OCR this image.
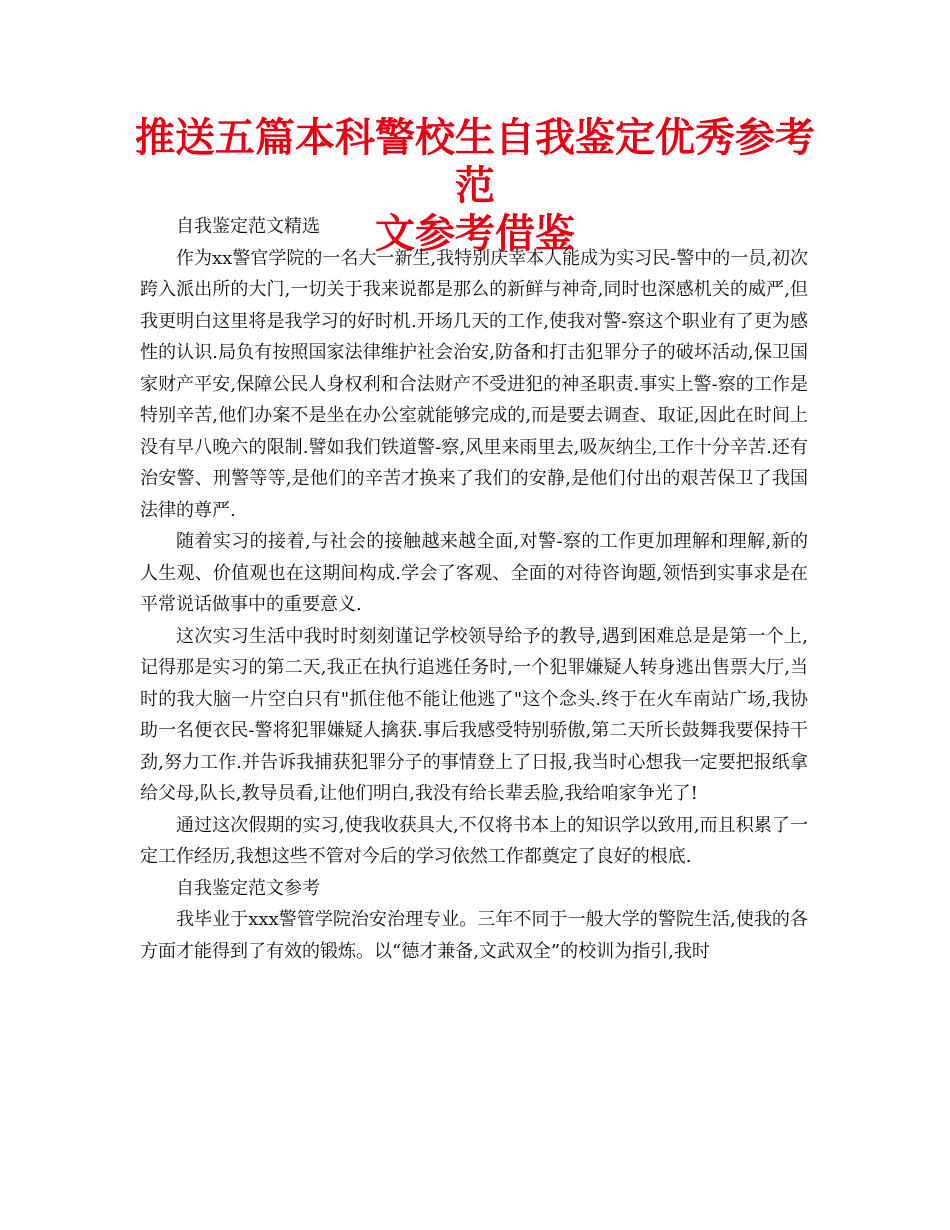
推送五篇本科警校生自我鉴定优秀参考范
文参考借鉴

自我鉴定范文精选

作为xx警官学院的一名大一新生,我特别庆幸本人能成为实习民-警中的一员,初次跨入派出所的大门,一切关于我来说都是那么的新鲜与神奇,同时也深感机关的威严,但我更明白这里将是我学习的好时机.开场几天的工作,使我对警-察这个职业有了更为感性的认识.局负有按照国家法律维护社会治安,防备和打击犯罪分子的破坏活动,保卫国家财产平安,保障公民人身权利和合法财产不受进犯的神圣职责.事实上警-察的工作是特别辛苦,他们办案不是坐在办公室就能够完成的,而是要去调查、取证,因此在时间上没有早八晚六的限制.譬如我们铁道警-察,风里来雨里去,吸灰纳尘,工作十分辛苦.还有治安警、刑警等等,是他们的辛苦才换来了我们的安静,是他们付出的艰苦保卫了我国法律的尊严.

随着实习的接着,与社会的接触越来越全面,对警-察的工作更加理解和理解,新的人生观、价值观也在这期间构成.学会了客观、全面的对待咨询题,领悟到实事求是在平常说话做事中的重要意义.

这次实习生活中我时时刻刻谨记学校领导给予的教导,遇到困难总是是第一个上,记得那是实习的第二天,我正在执行追逃任务时,一个犯罪嫌疑人转身逃出售票大厅,当时的我大脑一片空白只有"抓住他不能让他逃了"这个念头.终于在火车南站广场,我协助一名便衣民-警将犯罪嫌疑人擒获.事后我感受特别骄傲,第二天所长鼓舞我要保持干劲,努力工作.并告诉我捕获犯罪分子的事情登上了日报,我当时心想我一定要把报纸拿给父母,队长,教导员看,让他们明白,我没有给长辈丢脸,我给咱家争光了!

通过这次假期的实习,使我收获具大,不仅将书本上的知识学以致用,而且积累了一定工作经历,我想这些不管对今后的学习依然工作都奠定了良好的根底.

自我鉴定范文参考

我毕业于xxx警管学院治安治理专业。三年不同于一般大学的警院生活,使我的各方面才能得到了有效的锻炼。以“德才兼备,文武双全”的校训为指引,我时
